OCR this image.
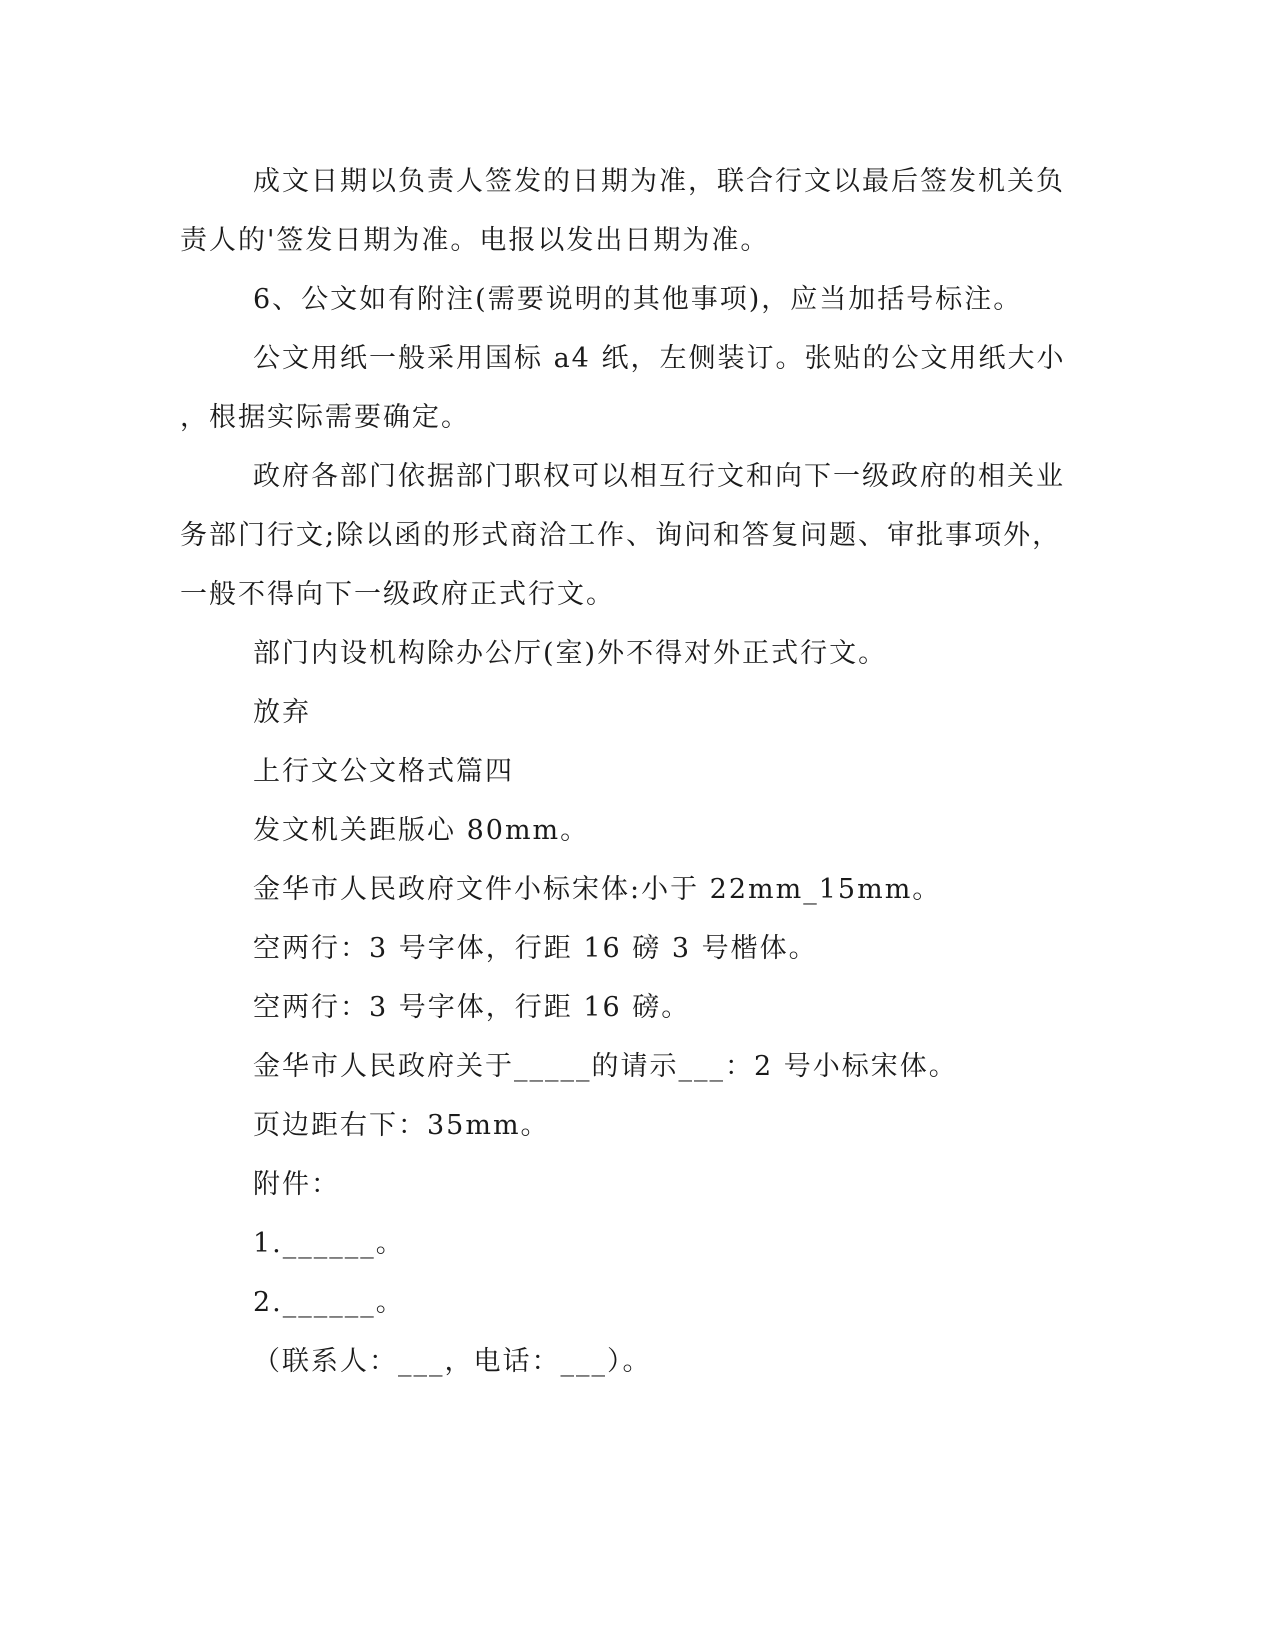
成文日期以负责人签发的日期为准，联合行文以最后签发机关负
责人的'签发日期为准。电报以发出日期为准。
6、公文如有附注(需要说明的其他事项)，应当加括号标注。
公文用纸一般采用国标 a4 纸，左侧装订。张贴的公文用纸大小
，根据实际需要确定。
政府各部门依据部门职权可以相互行文和向下一级政府的相关业
务部门行文;除以函的形式商洽工作、询问和答复问题、审批事项外，
一般不得向下一级政府正式行文。
部门内设机构除办公厅(室)外不得对外正式行文。
放弃
上行文公文格式篇四
发文机关距版心 80mm。
金华市人民政府文件小标宋体:小于 22mm_15mm。
空两行：3 号字体，行距 16 磅 3 号楷体。
空两行：3 号字体，行距 16 磅。
金华市人民政府关于_____的请示___：2 号小标宋体。
页边距右下：35mm。
附件：
1.______。
2.______。
（联系人：___，电话：___）。
